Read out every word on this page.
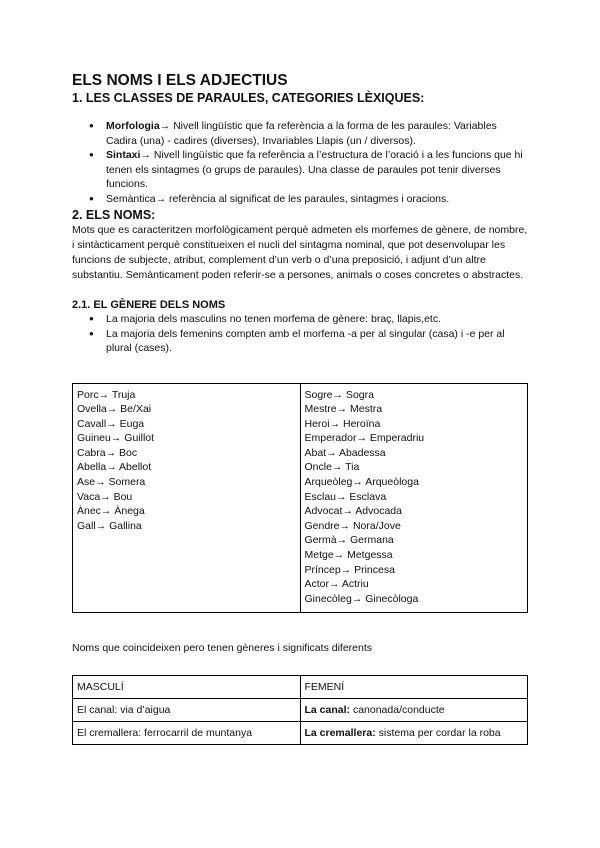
ELS NOMS I ELS ADJECTIUS
1. LES CLASSES DE PARAULES, CATEGORIES LÈXIQUES:
● Morfologia→ Nivell lingüístic que fa referència a la forma de les paraules: Variables Cadira (una) - cadires (diverses), Invariables Llapis (un / diversos).
● Sintaxi→ Nivell lingüístic que fa referència a l’estructura de l’oració i a les funcions que hi tenen els sintagmes (o grups de paraules). Una classe de paraules pot tenir diverses funcions.
● Semàntica→ referència al significat de les paraules, sintagmes i oracions.
2. ELS NOMS:

Mots que es caracteritzen morfològicament perquè admeten els morfemes de gènere, de nombre, i sintàcticament perquè constitueixen el nucli del sintagma nominal, que pot desenvolupar les funcions de subjecte, atribut, complement d’un verb o d’una preposició, i adjunt d’un altre substantiu. Semànticament poden referir-se a persones, animals o coses concretes o abstractes.

2.1. EL GÈNERE DELS NOMS
● La majoria dels masculins no tenen morfema de gènere: braç, llapis,etc.
● La majoria dels femenins compten amb el morfema -a per al singular (casa) i -e per al plural (cases).
Porc→ Truja
Ovella→ Be/Xai
Cavall→ Euga
Guineu→ Guillot
Cabra→ Boc
Abella→ Abellot
Ase→ Somera
Vaca→ Bou
Ànec→ Ànega
Gall→ Gallina

Sogre→ Sogra
Mestre→ Mestra
Heroi→ Heroïna
Emperador→ Emperadriu
Abat→ Abadessa
Oncle→ Tia
Arqueòleg→ Arqueòloga
Esclau→ Esclava
Advocat→ Advocada
Gendre→ Nora/Jove
Germà→ Germana
Metge→ Metgessa
Príncep→ Princesa
Actor→ Actriu
Ginecòleg→ Ginecòloga

Noms que coincideixen pero tenen gèneres i significats diferents

MASCULÍ	FEMENÍ
El canal: via d’aigua	La canal: canonada/conducte
El cremallera: ferrocarril de muntanya	La cremallera: sistema per cordar la roba
